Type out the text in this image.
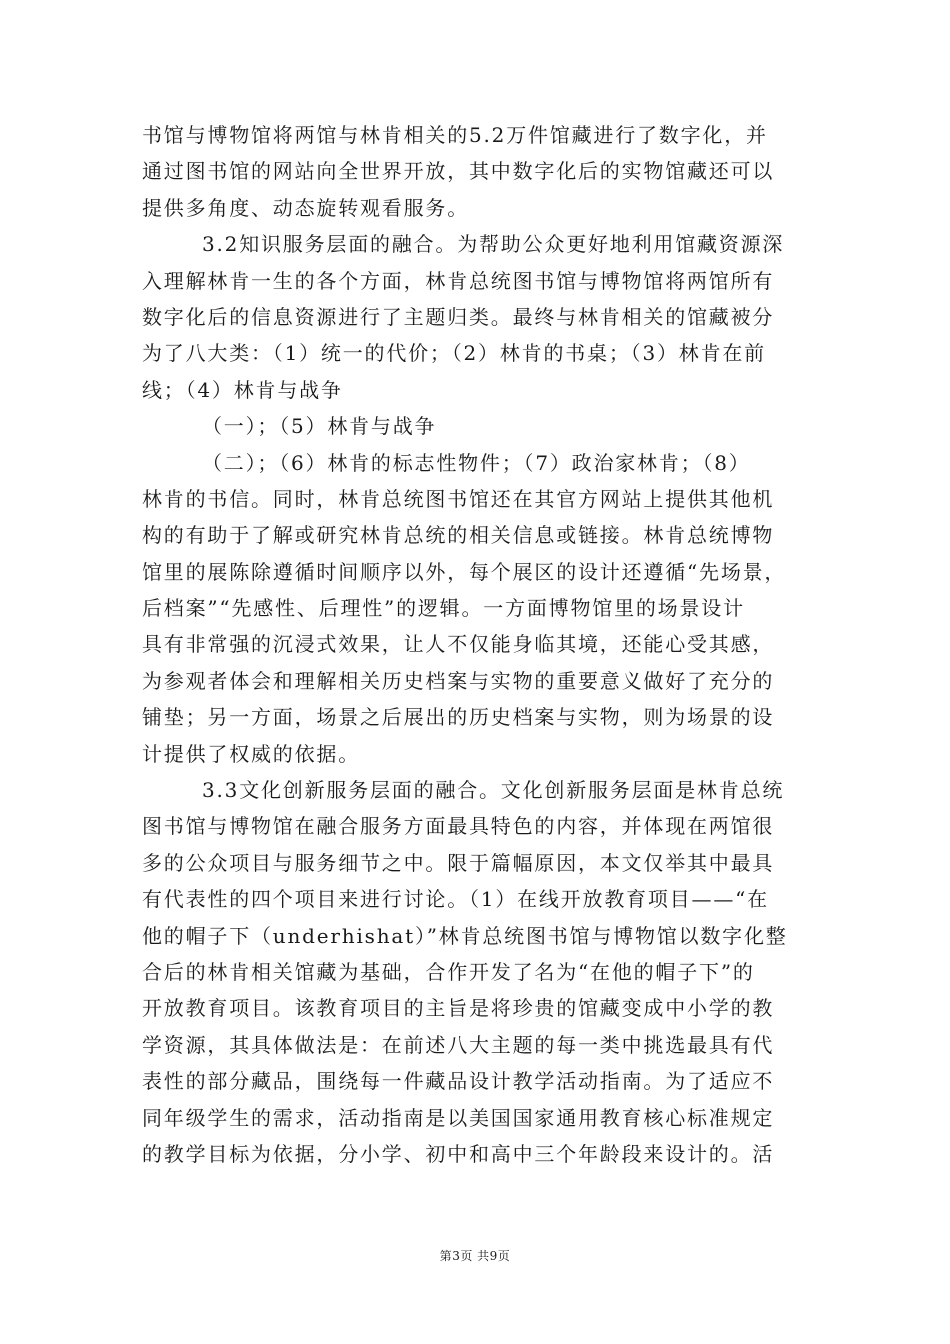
书馆与博物馆将两馆与林肯相关的5.2万件馆藏进行了数字化，并
通过图书馆的网站向全世界开放，其中数字化后的实物馆藏还可以
提供多角度、动态旋转观看服务。
3.2知识服务层面的融合。为帮助公众更好地利用馆藏资源深
入理解林肯一生的各个方面，林肯总统图书馆与博物馆将两馆所有
数字化后的信息资源进行了主题归类。最终与林肯相关的馆藏被分
为了八大类：（1）统一的代价；（2）林肯的书桌；（3）林肯在前
线；（4）林肯与战争
（一）；（5）林肯与战争
（二）；（6）林肯的标志性物件；（7）政治家林肯；（8）
林肯的书信。同时，林肯总统图书馆还在其官方网站上提供其他机
构的有助于了解或研究林肯总统的相关信息或链接。林肯总统博物
馆里的展陈除遵循时间顺序以外，每个展区的设计还遵循“先场景，
后档案”“先感性、后理性”的逻辑。一方面博物馆里的场景设计
具有非常强的沉浸式效果，让人不仅能身临其境，还能心受其感，
为参观者体会和理解相关历史档案与实物的重要意义做好了充分的
铺垫；另一方面，场景之后展出的历史档案与实物，则为场景的设
计提供了权威的依据。
3.3文化创新服务层面的融合。文化创新服务层面是林肯总统
图书馆与博物馆在融合服务方面最具特色的内容，并体现在两馆很
多的公众项目与服务细节之中。限于篇幅原因，本文仅举其中最具
有代表性的四个项目来进行讨论。（1）在线开放教育项目——“在
他的帽子下（underhishat）”林肯总统图书馆与博物馆以数字化整
合后的林肯相关馆藏为基础，合作开发了名为“在他的帽子下”的
开放教育项目。该教育项目的主旨是将珍贵的馆藏变成中小学的教
学资源，其具体做法是：在前述八大主题的每一类中挑选最具有代
表性的部分藏品，围绕每一件藏品设计教学活动指南。为了适应不
同年级学生的需求，活动指南是以美国国家通用教育核心标准规定
的教学目标为依据，分小学、初中和高中三个年龄段来设计的。活
第3页 共9页
